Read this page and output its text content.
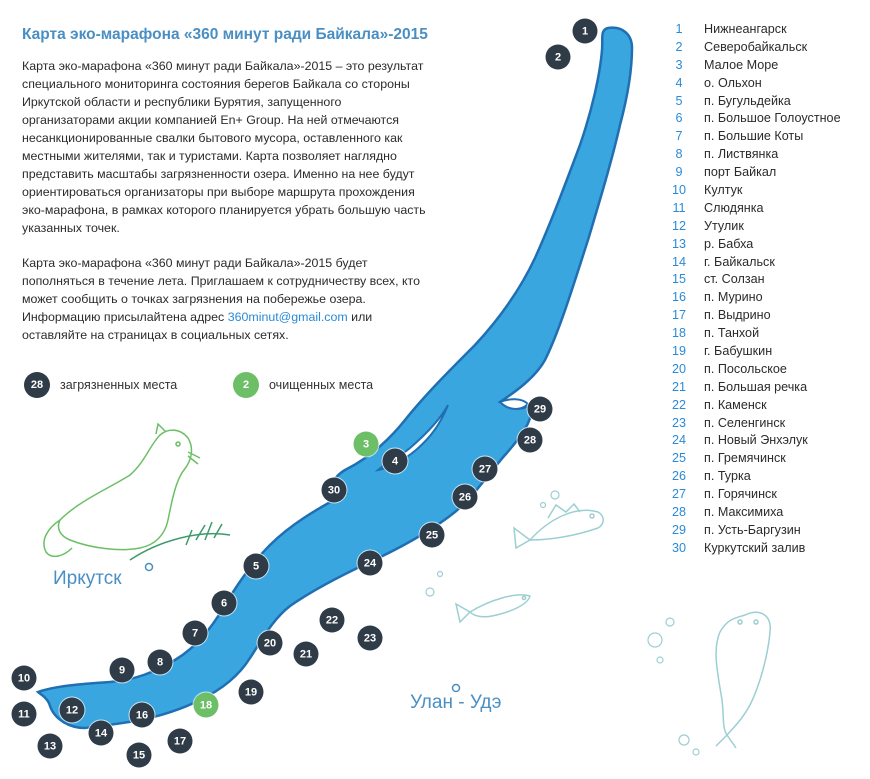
Карта эко-марафона «360 минут ради Байкала»-2015

Карта эко-марафона «360 минут ради Байкала»-2015 – это результат специального мониторинга состояния берегов Байкала со стороны Иркутской области и республики Бурятия, запущенного организаторами акции компанией En+ Group. На ней отмечаются несанкционированные свалки бытового мусора, оставленного как местными жителями, так и туристами. Карта позволяет наглядно представить масштабы загрязненности озера. Именно на нее будут ориентироваться организаторы при выборе маршрута прохождения эко-марафона, в рамках которого планируется убрать большую часть указанных точек.

Карта эко-марафона «360 минут ради Байкала»-2015 будет пополняться в течение лета. Приглашаем к сотрудничеству всех, кто может сообщить о точках загрязнения на побережье озера. Информацию присылайтена адрес 360minut@gmail.com или оставляйте на страницах в социальных сетях.

28	загрязненных места	2	очищенных места
Иркутск
Улан - Удэ
1	Нижнеангарск
2	Северобайкальск
3	Малое Море
4	о. Ольхон
5	п. Бугульдейка
6	п. Большое Голоустное
7	п. Большие Коты
8	п. Листвянка
9	порт Байкал
10	Култук
11	Слюдянка
12	Утулик
13	р. Бабха
14	г. Байкальск
15	ст. Солзан
16	п. Мурино
17	п. Выдрино
18	п. Танхой
19	г. Бабушкин
20	п. Посольское
21	п. Большая речка
22	п. Каменск
23	п. Селенгинск
24	п. Новый Энхэлук
25	п. Гремячинск
26	п. Турка
27	п. Горячинск
28	п. Максимиха
29	п. Усть-Баргузин
30	Куркутский залив
1
2
3
4
5
6
7
8
9
10
11	12
13
14
15
16
17
18
19
20
21
22
23
24
25
26
27
28
29
30
